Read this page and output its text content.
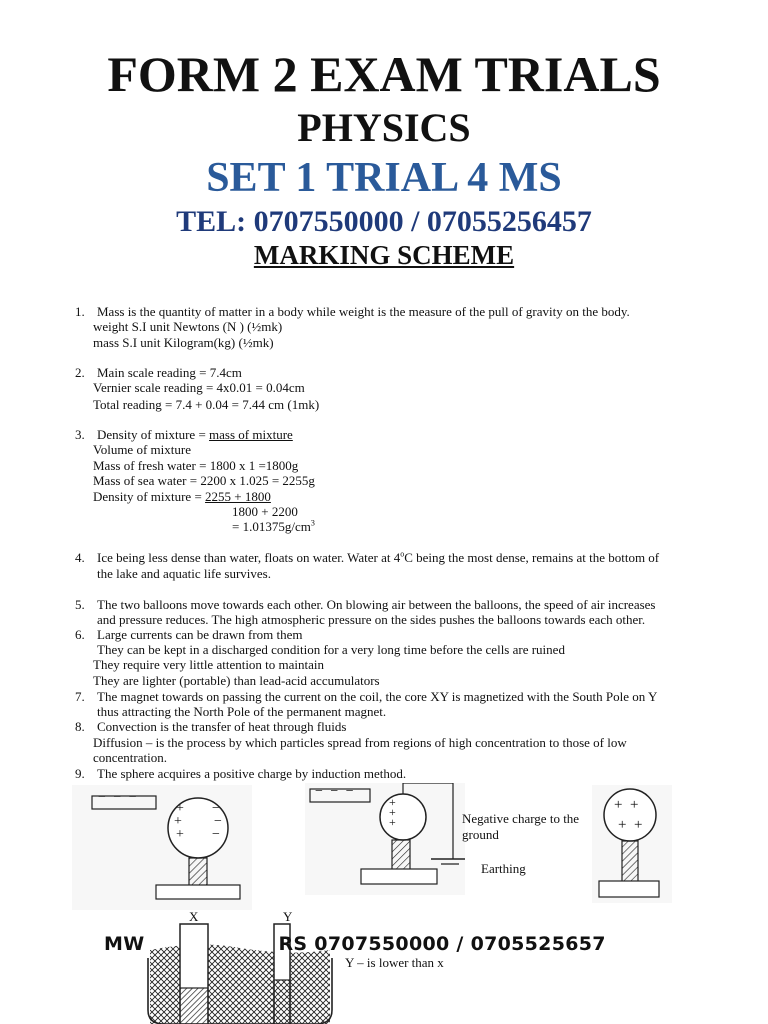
FORM 2 EXAM TRIALS
PHYSICS
SET 1 TRIAL 4 MS
TEL: 0707550000 / 07055256457
MARKING SCHEME
1. Mass is the quantity of matter in a body while weight is the measure of the pull of gravity on the body.
weight S.I unit Newtons (N ) (½mk)
mass S.I unit Kilogram(kg) (½mk)
2. Main scale reading = 7.4cm
Vernier scale reading = 4x0.01 = 0.04cm
Total reading = 7.4 + 0.04 = 7.44 cm (1mk)
3. Density of mixture = mass of mixture
Volume of mixture
Mass of fresh water = 1800 x 1 =1800g
Mass of sea water = 2200 x 1.025 = 2255g
Density of mixture = 2255 + 1800
1800 + 2200
= $1.01375g/cm^3$
4. Ice being less dense than water, floats on water. Water at 4$^o$C being the most dense, remains at the bottom of
the lake and aquatic life survives.
5. The two balloons move towards each other. On blowing air between the balloons, the speed of air increases
and pressure reduces. The high atmospheric pressure on the sides pushes the balloons towards each other.
6. Large currents can be drawn from them
They can be kept in a discharged condition for a very long time before the cells are ruined
They require very little attention to maintain
They are lighter (portable) than lead-acid accumulators
7. The magnet towards on passing the current on the coil, the core XY is magnetized with the South Pole on Y
thus attracting the North Pole of the permanent magnet.
8. Convection is the transfer of heat through fluids
Diffusion – is the process by which particles spread from regions of high concentration to those of low
concentration.
9. The sphere acquires a positive charge by induction method.
− − −
+
+
+
−
−
−
− − −
+
+
+	Negative charge to the
ground
Earthing
+ +
+ +
X	Y
Y – is lower than x
MW	RS 0707550000 / 0705525657
